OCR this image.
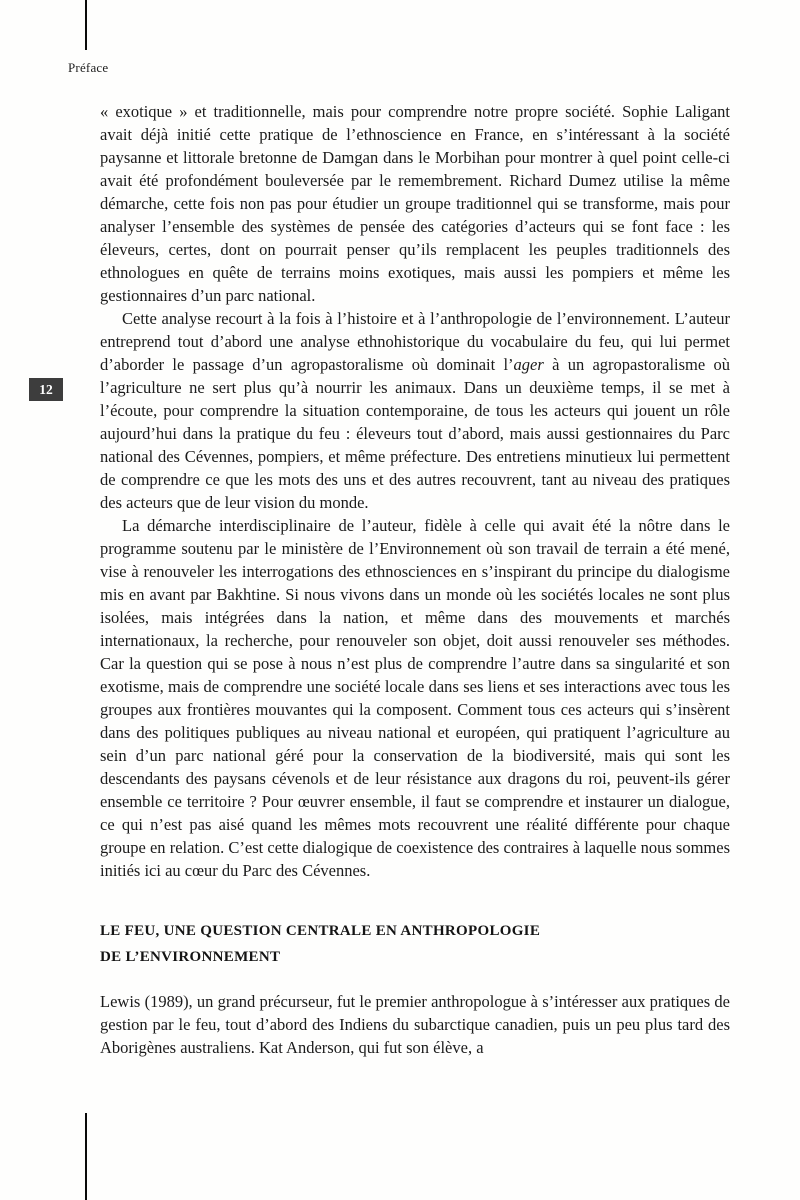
Préface
12

« exotique » et traditionnelle, mais pour comprendre notre propre société. Sophie Laligant avait déjà initié cette pratique de l’ethnoscience en France, en s’intéressant à la société paysanne et littorale bretonne de Damgan dans le Morbihan pour montrer à quel point celle-ci avait été profondément bouleversée par le remembrement. Richard Dumez utilise la même démarche, cette fois non pas pour étudier un groupe traditionnel qui se transforme, mais pour analyser l’ensemble des systèmes de pensée des catégories d’acteurs qui se font face : les éleveurs, certes, dont on pourrait penser qu’ils remplacent les peuples traditionnels des ethnologues en quête de terrains moins exotiques, mais aussi les pompiers et même les gestionnaires d’un parc national.

Cette analyse recourt à la fois à l’histoire et à l’anthropologie de l’environnement. L’auteur entreprend tout d’abord une analyse ethnohistorique du vocabulaire du feu, qui lui permet d’aborder le passage d’un agropastoralisme où dominait l’ager à un agropastoralisme où l’agriculture ne sert plus qu’à nourrir les animaux. Dans un deuxième temps, il se met à l’écoute, pour comprendre la situation contemporaine, de tous les acteurs qui jouent un rôle aujourd’hui dans la pratique du feu : éleveurs tout d’abord, mais aussi gestionnaires du Parc national des Cévennes, pompiers, et même préfecture. Des entretiens minutieux lui permettent de comprendre ce que les mots des uns et des autres recouvrent, tant au niveau des pratiques des acteurs que de leur vision du monde.

La démarche interdisciplinaire de l’auteur, fidèle à celle qui avait été la nôtre dans le programme soutenu par le ministère de l’Environnement où son travail de terrain a été mené, vise à renouveler les interrogations des ethnosciences en s’inspirant du principe du dialogisme mis en avant par Bakhtine. Si nous vivons dans un monde où les sociétés locales ne sont plus isolées, mais intégrées dans la nation, et même dans des mouvements et marchés internationaux, la recherche, pour renouveler son objet, doit aussi renouveler ses méthodes. Car la question qui se pose à nous n’est plus de comprendre l’autre dans sa singularité et son exotisme, mais de comprendre une société locale dans ses liens et ses interactions avec tous les groupes aux frontières mouvantes qui la composent. Comment tous ces acteurs qui s’insèrent dans des politiques publiques au niveau national et européen, qui pratiquent l’agriculture au sein d’un parc national géré pour la conservation de la biodiversité, mais qui sont les descendants des paysans cévenols et de leur résistance aux dragons du roi, peuvent-ils gérer ensemble ce territoire ? Pour œuvrer ensemble, il faut se comprendre et instaurer un dialogue, ce qui n’est pas aisé quand les mêmes mots recouvrent une réalité différente pour chaque groupe en relation. C’est cette dialogique de coexistence des contraires à laquelle nous sommes initiés ici au cœur du Parc des Cévennes.

LE FEU, UNE QUESTION CENTRALE EN ANTHROPOLOGIE
DE L’ENVIRONNEMENT

Lewis (1989), un grand précurseur, fut le premier anthropologue à s’intéresser aux pratiques de gestion par le feu, tout d’abord des Indiens du subarctique canadien, puis un peu plus tard des Aborigènes australiens. Kat Anderson, qui fut son élève, a
